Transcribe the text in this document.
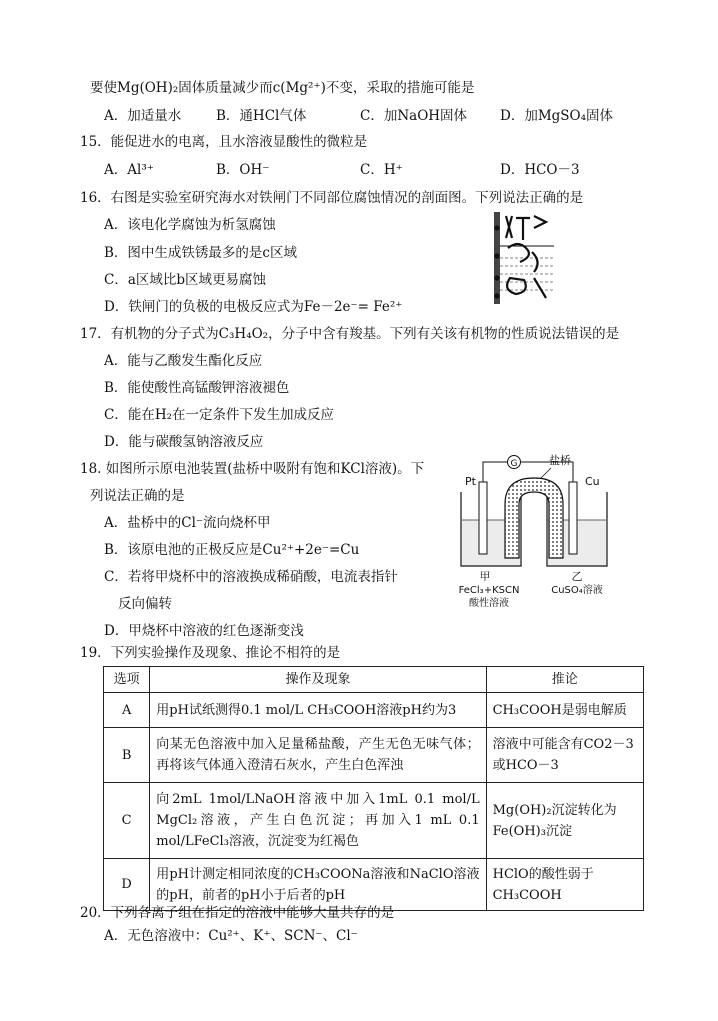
要使Mg(OH)₂固体质量减少而c(Mg²⁺)不变，采取的措施可能是
A．加适量水	B．通HCl气体	C．加NaOH固体 D．加MgSO₄固体
15．能促进水的电离，且水溶液显酸性的微粒是
A．Al³⁺	B．OH⁻	C．H⁺	D．HCO－3
16．右图是实验室研究海水对铁闸门不同部位腐蚀情况的剖面图。下列说法正确的是
A．该电化学腐蚀为析氢腐蚀
B．图中生成铁锈最多的是c区域
C．a区域比b区域更易腐蚀
D．铁闸门的负极的电极反应式为Fe－2e⁻= Fe²⁺
17．有机物的分子式为C₃H₄O₂，分子中含有羧基。下列有关该有机物的性质说法错误的是
A．能与乙酸发生酯化反应
B．能使酸性高锰酸钾溶液褪色
C．能在H₂在一定条件下发生加成反应
D．能与碳酸氢钠溶液反应
18. 如图所示原电池装置(盐桥中吸附有饱和KCl溶液)。下
列说法正确的是
A．盐桥中的Cl⁻流向烧杯甲
B．该原电池的正极反应是Cu²⁺+2e⁻=Cu
C．若将甲烧杯中的溶液换成稀硝酸，电流表指针
反向偏转
D．甲烧杯中溶液的红色逐渐变浅
G
Pt	Cu
盐桥
甲	乙
FeCl₃+KSCN
酸性溶液
CuSO₄溶液
19．下列实验操作及现象、推论不相符的是
选项	操作及现象	推论
A	用pH试纸测得0.1 mol/L CH₃COOH溶液pH约为3	CH₃COOH是弱电解质
B	向某无色溶液中加入足量稀盐酸，产生无色无味气体；再将该气体通入澄清石灰水，产生白色浑浊	溶液中可能含有CO2－3或HCO－3
C	向2mL 1mol/LNaOH溶液中加入1mL 0.1 mol/L MgCl₂溶液，产生白色沉淀；再加入1 mL 0.1 mol/LFeCl₃溶液，沉淀变为红褐色	Mg(OH)₂沉淀转化为Fe(OH)₃沉淀
D	用pH计测定相同浓度的CH₃COONa溶液和NaClO溶液的pH，前者的pH小于后者的pH	HClO的酸性弱于CH₃COOH
20．下列各离子组在指定的溶液中能够大量共存的是
A．无色溶液中：Cu²⁺、K⁺、SCN⁻、Cl⁻
